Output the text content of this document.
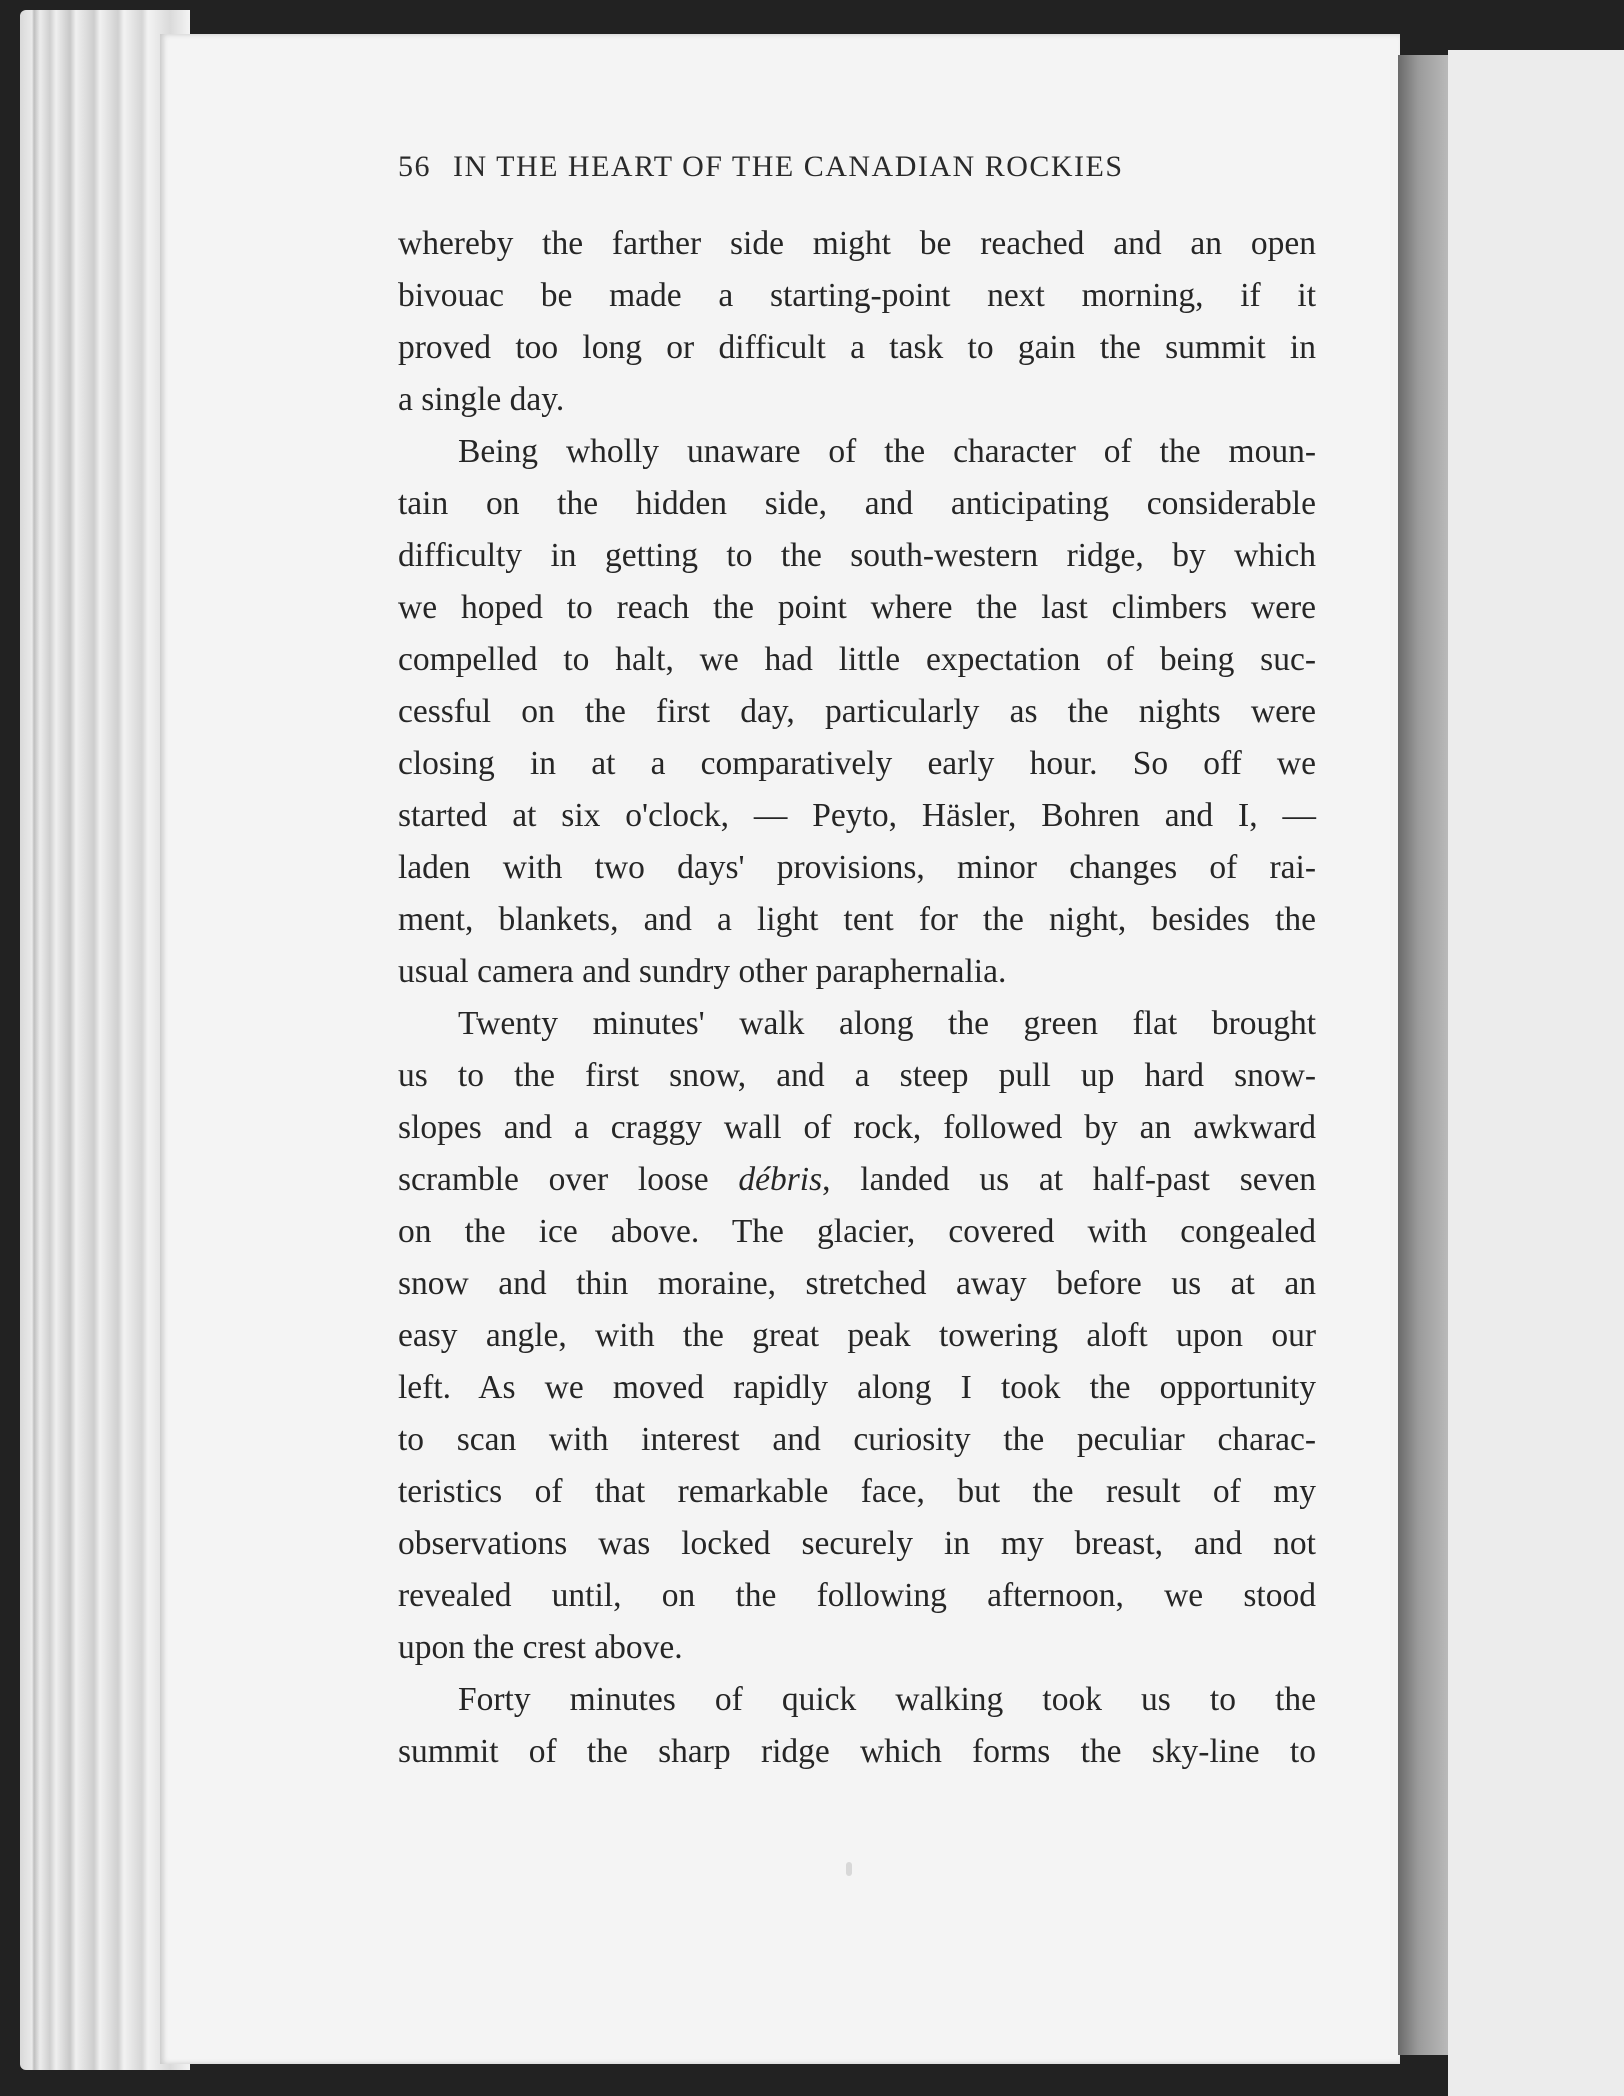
56 IN THE HEART OF THE CANADIAN ROCKIES
whereby the farther side might be reached and an open
bivouac be made a starting-point next morning, if it
proved too long or difficult a task to gain the summit in
a single day.
Being wholly unaware of the character of the moun-
tain on the hidden side, and anticipating considerable
difficulty in getting to the south-western ridge, by which
we hoped to reach the point where the last climbers were
compelled to halt, we had little expectation of being suc-
cessful on the first day, particularly as the nights were
closing in at a comparatively early hour. So off we
started at six o'clock, — Peyto, Häsler, Bohren and I, —
laden with two days' provisions, minor changes of rai-
ment, blankets, and a light tent for the night, besides the
usual camera and sundry other paraphernalia.
Twenty minutes' walk along the green flat brought
us to the first snow, and a steep pull up hard snow-
slopes and a craggy wall of rock, followed by an awkward
scramble over loose débris, landed us at half-past seven
on the ice above. The glacier, covered with congealed
snow and thin moraine, stretched away before us at an
easy angle, with the great peak towering aloft upon our
left. As we moved rapidly along I took the opportunity
to scan with interest and curiosity the peculiar charac-
teristics of that remarkable face, but the result of my
observations was locked securely in my breast, and not
revealed until, on the following afternoon, we stood
upon the crest above.
Forty minutes of quick walking took us to the
summit of the sharp ridge which forms the sky-line to
